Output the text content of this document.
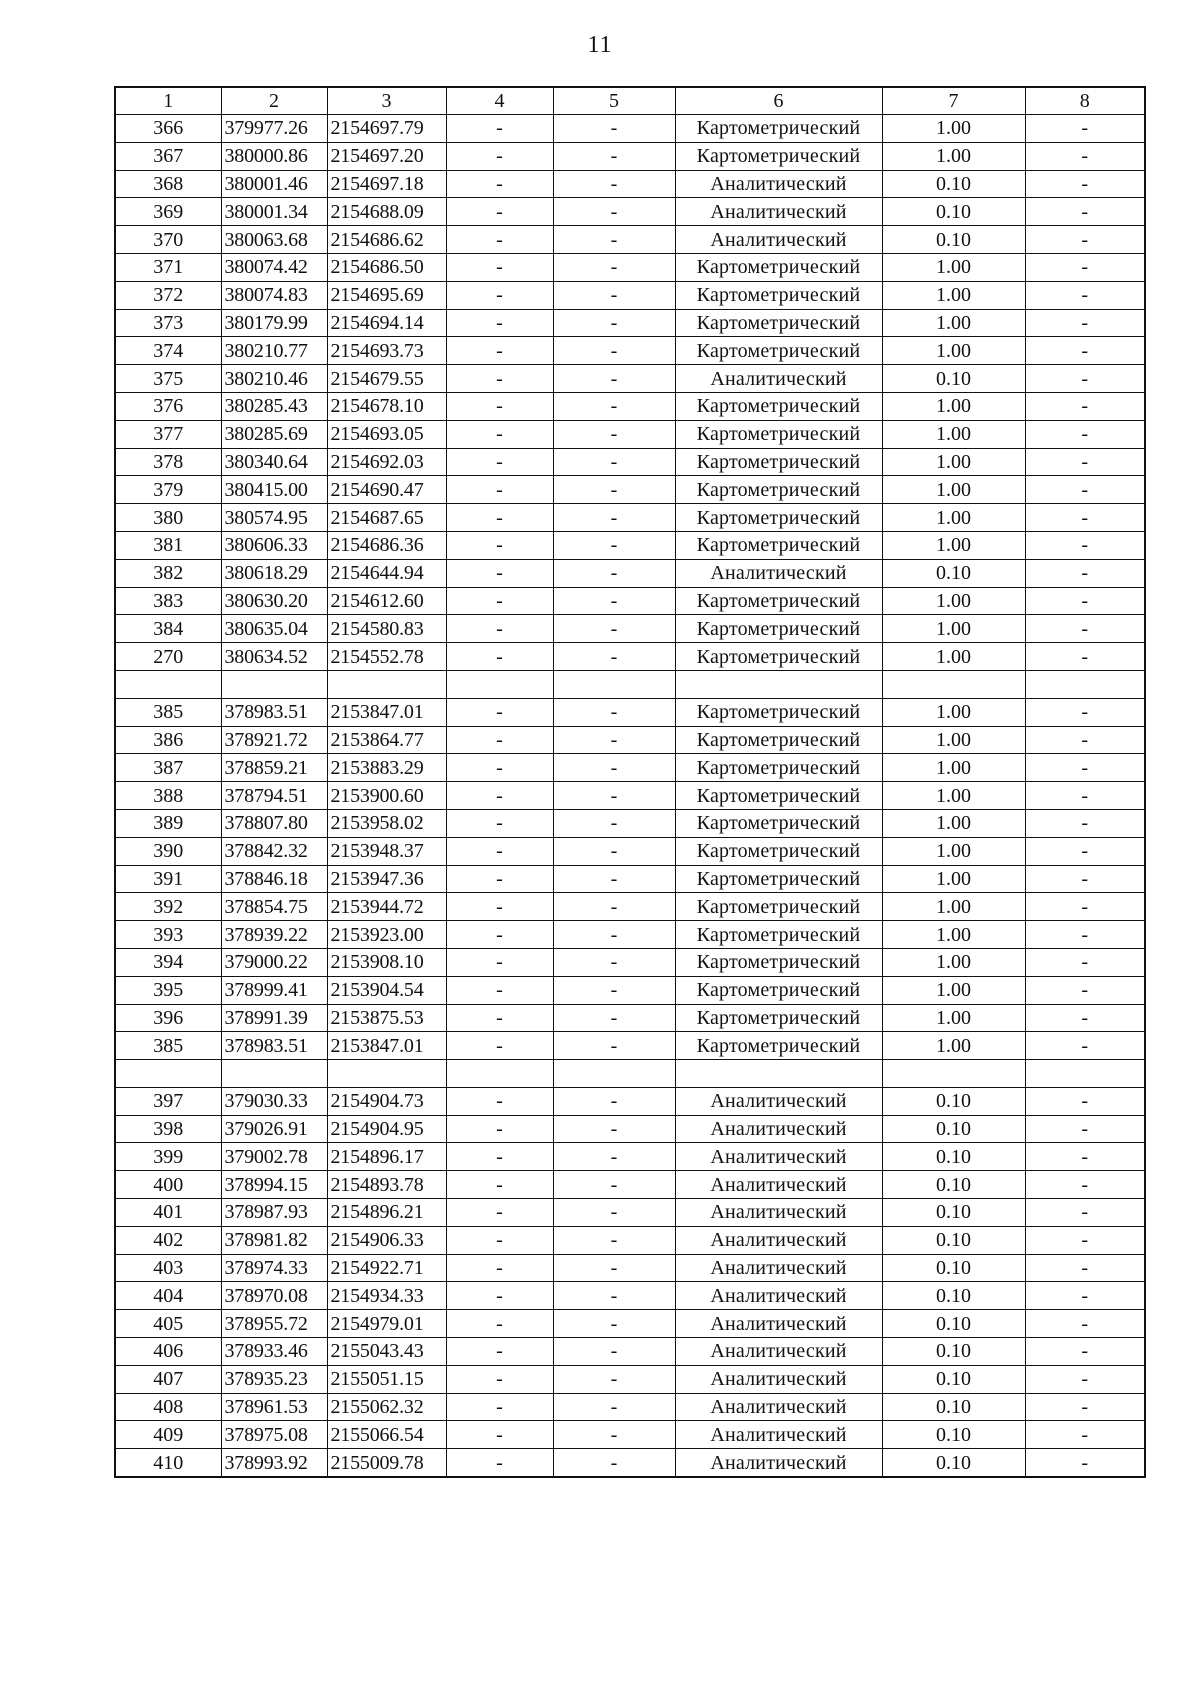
11
1	2	3	4	5	6	7	8
366	379977.26	2154697.79	-	-	Картометрический	1.00	-
367	380000.86	2154697.20	-	-	Картометрический	1.00	-
368	380001.46	2154697.18	-	-	Аналитический	0.10	-
369	380001.34	2154688.09	-	-	Аналитический	0.10	-
370	380063.68	2154686.62	-	-	Аналитический	0.10	-
371	380074.42	2154686.50	-	-	Картометрический	1.00	-
372	380074.83	2154695.69	-	-	Картометрический	1.00	-
373	380179.99	2154694.14	-	-	Картометрический	1.00	-
374	380210.77	2154693.73	-	-	Картометрический	1.00	-
375	380210.46	2154679.55	-	-	Аналитический	0.10	-
376	380285.43	2154678.10	-	-	Картометрический	1.00	-
377	380285.69	2154693.05	-	-	Картометрический	1.00	-
378	380340.64	2154692.03	-	-	Картометрический	1.00	-
379	380415.00	2154690.47	-	-	Картометрический	1.00	-
380	380574.95	2154687.65	-	-	Картометрический	1.00	-
381	380606.33	2154686.36	-	-	Картометрический	1.00	-
382	380618.29	2154644.94	-	-	Аналитический	0.10	-
383	380630.20	2154612.60	-	-	Картометрический	1.00	-
384	380635.04	2154580.83	-	-	Картометрический	1.00	-
270	380634.52	2154552.78	-	-	Картометрический	1.00	-

385	378983.51	2153847.01	-	-	Картометрический	1.00	-
386	378921.72	2153864.77	-	-	Картометрический	1.00	-
387	378859.21	2153883.29	-	-	Картометрический	1.00	-
388	378794.51	2153900.60	-	-	Картометрический	1.00	-
389	378807.80	2153958.02	-	-	Картометрический	1.00	-
390	378842.32	2153948.37	-	-	Картометрический	1.00	-
391	378846.18	2153947.36	-	-	Картометрический	1.00	-
392	378854.75	2153944.72	-	-	Картометрический	1.00	-
393	378939.22	2153923.00	-	-	Картометрический	1.00	-
394	379000.22	2153908.10	-	-	Картометрический	1.00	-
395	378999.41	2153904.54	-	-	Картометрический	1.00	-
396	378991.39	2153875.53	-	-	Картометрический	1.00	-
385	378983.51	2153847.01	-	-	Картометрический	1.00	-

397	379030.33	2154904.73	-	-	Аналитический	0.10	-
398	379026.91	2154904.95	-	-	Аналитический	0.10	-
399	379002.78	2154896.17	-	-	Аналитический	0.10	-
400	378994.15	2154893.78	-	-	Аналитический	0.10	-
401	378987.93	2154896.21	-	-	Аналитический	0.10	-
402	378981.82	2154906.33	-	-	Аналитический	0.10	-
403	378974.33	2154922.71	-	-	Аналитический	0.10	-
404	378970.08	2154934.33	-	-	Аналитический	0.10	-
405	378955.72	2154979.01	-	-	Аналитический	0.10	-
406	378933.46	2155043.43	-	-	Аналитический	0.10	-
407	378935.23	2155051.15	-	-	Аналитический	0.10	-
408	378961.53	2155062.32	-	-	Аналитический	0.10	-
409	378975.08	2155066.54	-	-	Аналитический	0.10	-
410	378993.92	2155009.78	-	-	Аналитический	0.10	-
